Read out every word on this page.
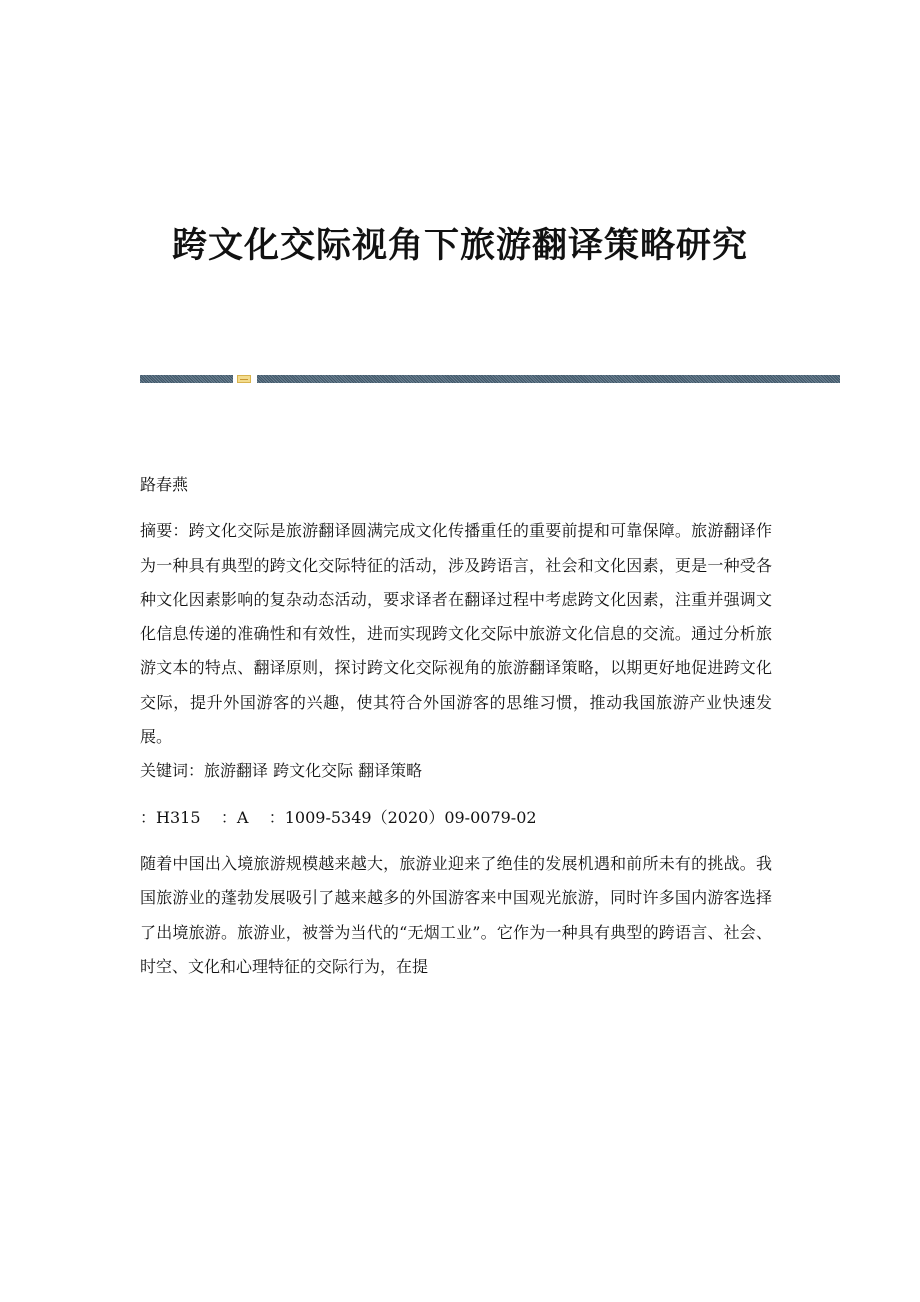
跨文化交际视角下旅游翻译策略研究

路春燕

摘要：跨文化交际是旅游翻译圆满完成文化传播重任的重要前提和可靠保障。旅游翻译作为一种具有典型的跨文化交际特征的活动，涉及跨语言，社会和文化因素，更是一种受各种文化因素影响的复杂动态活动，要求译者在翻译过程中考虑跨文化因素，注重并强调文化信息传递的准确性和有效性，进而实现跨文化交际中旅游文化信息的交流。通过分析旅游文本的特点、翻译原则，探讨跨文化交际视角的旅游翻译策略，以期更好地促进跨文化交际，提升外国游客的兴趣，使其符合外国游客的思维习惯，推动我国旅游产业快速发展。

关键词：旅游翻译 跨文化交际 翻译策略

：H315 ：A ：1009-5349（2020）09-0079-02

随着中国出入境旅游规模越来越大，旅游业迎来了绝佳的发展机遇和前所未有的挑战。我国旅游业的蓬勃发展吸引了越来越多的外国游客来中国观光旅游，同时许多国内游客选择了出境旅游。旅游业，被誉为当代的“无烟工业”。它作为一种具有典型的跨语言、社会、时空、文化和心理特征的交际行为，在提
